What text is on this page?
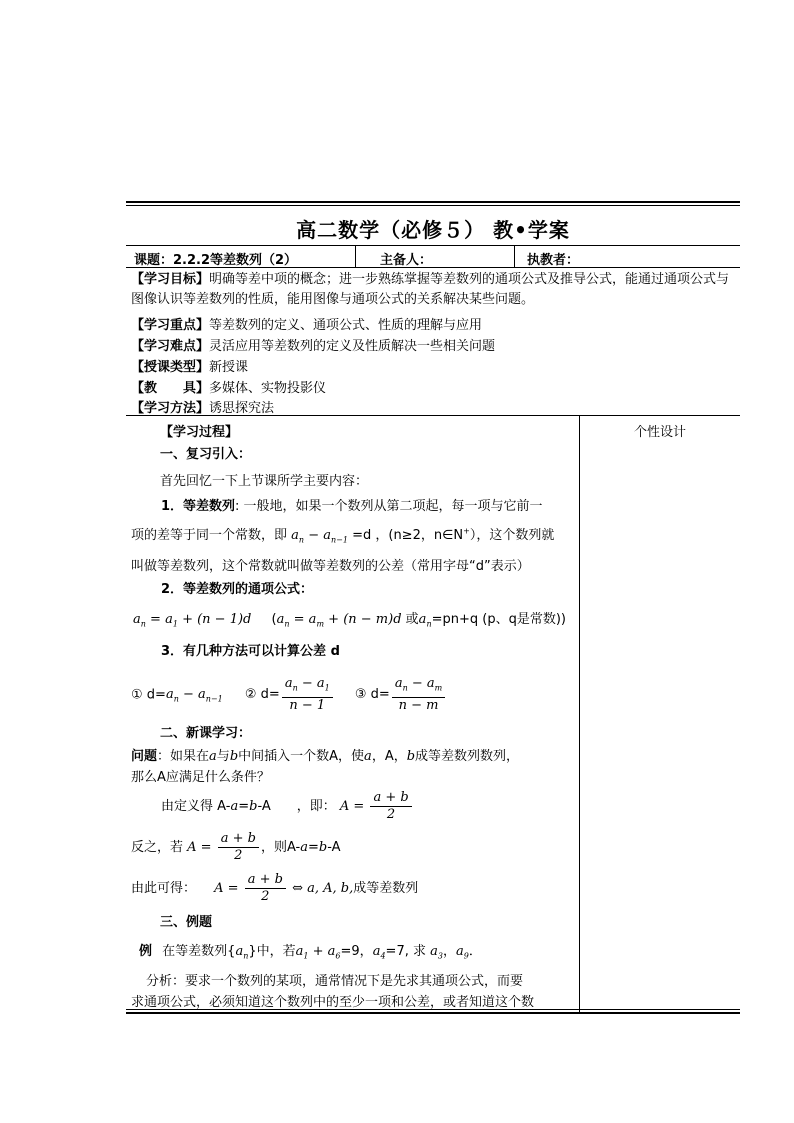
高二数学（必修５） 教•学案
课题：2.2.2等差数列（2）	主备人：	执教者：
【学习目标】明确等差中项的概念；进一步熟练掌握等差数列的通项公式及推导公式，能通过通项公式与图像认识等差数列的性质，能用图像与通项公式的关系解决某些问题。
【学习重点】等差数列的定义、通项公式、性质的理解与应用
【学习难点】灵活应用等差数列的定义及性质解决一些相关问题
【授课类型】新授课
【教　　具】多媒体、实物投影仪
【学习方法】诱思探究法
个性设计
【学习过程】
一、复习引入：
首先回忆一下上节课所学主要内容：
1．等差数列: 一般地，如果一个数列从第二项起，每一项与它前一
项的差等于同一个常数，即 $a_n - a_{n-1} =d$ ，(n≥2，n∈N+），这个数列就
叫做等差数列，这个常数就叫做等差数列的公差（常用字母“d”表示）
2．等差数列的通项公式：
$a_n = a_1 + (n - 1)d$ ($a_n = a_m + (n - m)d$ 或$a_n=pn+q$ (p、q是常数))
3．有几种方法可以计算公差 d
① $d=a_n - a_{n-1}$ ② $d= \frac{a_n - a_1}{n - 1}$ ③ $d= \frac{a_n - a_m}{n - m}$
二、新课学习：
问题：如果在a与b中间插入一个数A，使a，A，b成等差数列数列，
那么A应满足什么条件？
由定义得 A-a=b-A　　，即： $A = \frac{a + b}{2}$
反之，若 $A = \frac{a + b}{2}$ ，则A-a=b-A
由此可得： $A = \frac{a + b}{2}$ ⇔ a, A, b,成等差数列
三、例题
例 在等差数列$\{a_n\}$中，若$a_1 + a_6=9$，$a_4=7$, 求 $a_3$，$a_9$．
分析：要求一个数列的某项，通常情况下是先求其通项公式，而要
求通项公式，必须知道这个数列中的至少一项和公差，或者知道这个数
